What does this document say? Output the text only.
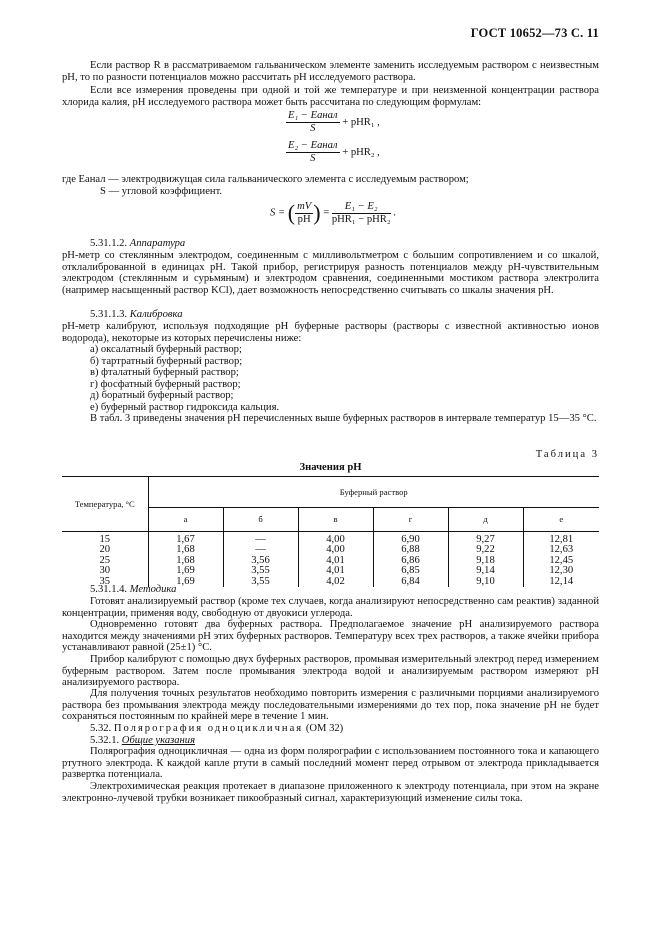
ГОСТ 10652—73 С. 11

Если раствор R в рассматриваемом гальваническом элементе заменить исследуемым раствором с неизвестным pH, то по разности потенциалов можно рассчитать pH исследуемого раствора.

Если все измерения проведены при одной и той же температуре и при неизменной концентрации раствора хлорида калия, pH исследуемого раствора может быть рассчитана по следующим формулам:

$\frac{\text{E₁ − Eанал}}{S} + pHR_1$ ,
$\frac{\text{E₂ − Eанал}}{S} + pHR_2$ ,

где Eанал — электродвижущая сила гальванического элемента с исследуемым раствором;

S — угловой коэффициент.

S = ( $\frac{mV}{pH}$ ) = $\frac{\text{E₁ − E₂}}{\text{pHR₁ − pHR₂}}$ .

5.31.1.2. Аппаратура

pH-метр со стеклянным электродом, соединенным с милливольтметром с большим сопротивлением и со шкалой, отклалиброванной в единицах pH. Такой прибор, регистрируя разность потенциалов между pH-чувствительным электродом (стеклянным и сурьмяным) и электродом сравнения, соединенными мостиком раствора электролита (например насыщенный раствор KCl), дает возможность непосредственно считывать со шкалы значения pH.

5.31.1.3. Калибровка

pH-метр калибруют, используя подходящие pH буферные растворы (растворы с известной активностью ионов водорода), некоторые из которых перечислены ниже:

а) оксалатный буферный раствор;

б) тартратный буферный раствор;

в) фталатный буферный раствор;

г) фосфатный буферный раствор;

д) боратный буферный раствор;

е) буферный раствор гидроксида кальция.

В табл. 3 приведены значения pH перечисленных выше буферных растворов в интервале температур 15—35 °С.

Таблица 3
Значения pH
Температура, °С	Буферный раствор					
	а	б	в	г	д	е

15	1,67	—	4,00	6,90	9,27	12,81
20	1,68	—	4,00	6,88	9,22	12,63
25	1,68	3,56	4,01	6,86	9,18	12,45
30	1,69	3,55	4,01	6,85	9,14	12,30
35	1,69	3,55	4,02	6,84	9,10	12,14

5.31.1.4. Методика

Готовят анализируемый раствор (кроме тех случаев, когда анализируют непосредственно сам реактив) заданной концентрации, применяя воду, свободную от двуокиси углерода.

Одновременно готовят два буферных раствора. Предполагаемое значение pH анализируемого раствора находится между значениями pH этих буферных растворов. Температуру всех трех растворов, а также ячейки прибора устанавливают равной (25±1) °С.

Прибор калибруют с помощью двух буферных растворов, промывая измерительный электрод перед измерением буферным раствором. Затем после промывания электрода водой и анализируемым раствором измеряют pH анализируемого раствора.

Для получения точных результатов необходимо повторить измерения с различными порциями анализируемого раствора без промывания электрода между последовательными измерениями до тех пор, пока значение pH не будет сохраняться постоянным по крайней мере в течение 1 мин.

5.32. Полярография одноцикличная (ОМ 32)

5.32.1. Общие указания

Полярография одноцикличная — одна из форм полярографии с использованием постоянного тока и капающего ртутного электрода. К каждой капле ртути в самый последний момент перед отрывом от электрода прикладывается развертка потенциала.

Электрохимическая реакция протекает в диапазоне приложенного к электроду потенциала, при этом на экране электронно-лучевой трубки возникает пикообразный сигнал, характеризующий изменение силы тока.
